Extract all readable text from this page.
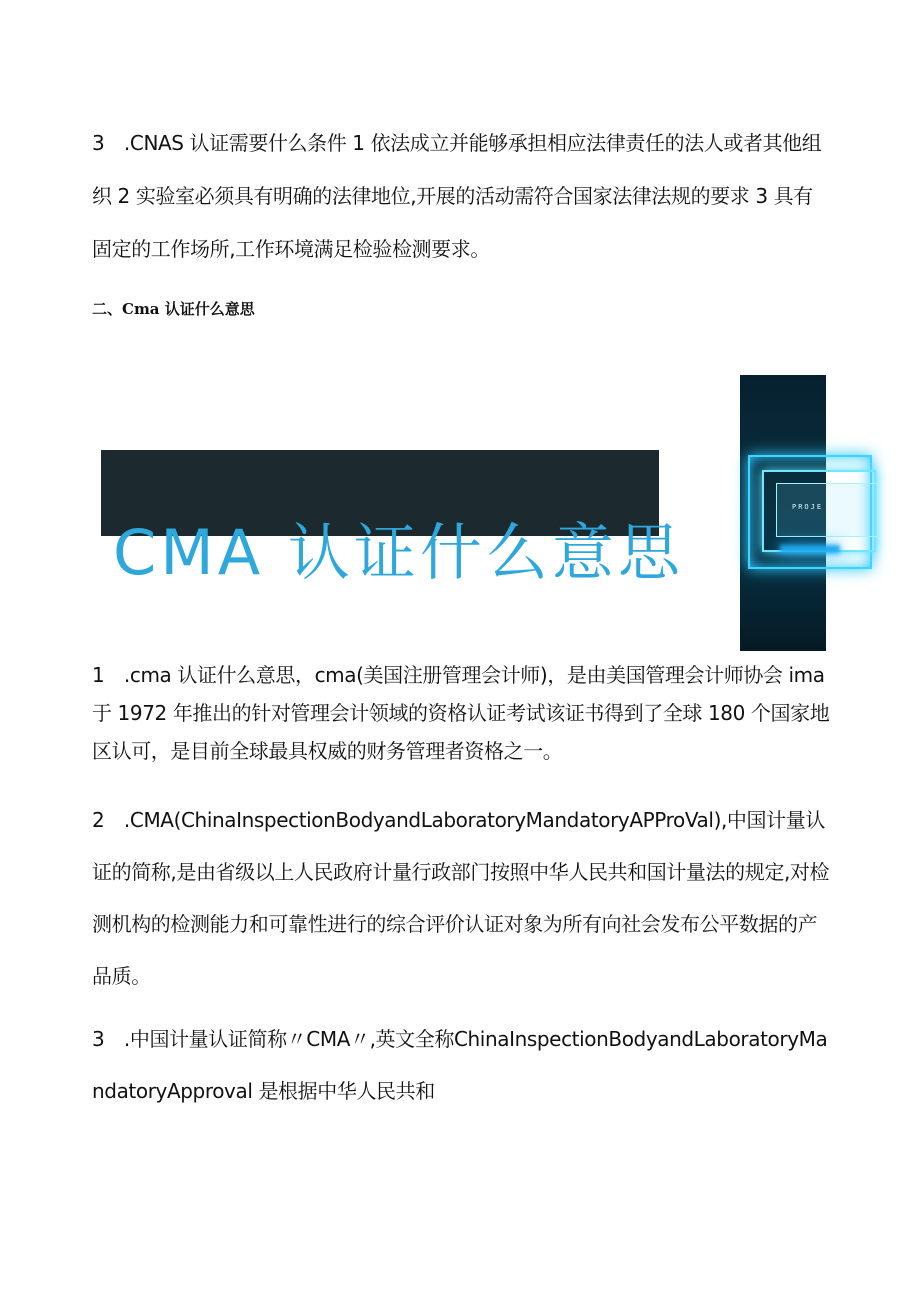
3　.CNAS 认证需要什么条件 1 依法成立并能够承担相应法律责任的法人或者其他组织 2 实验室必须具有明确的法律地位,开展的活动需符合国家法律法规的要求 3 具有固定的工作场所,工作环境满足检验检测要求。

二、Cma 认证什么意思
CMA 认证什么意思
PROJE

1　.cma 认证什么意思，cma(美国注册管理会计师)，是由美国管理会计师协会 ima于 1972 年推出的针对管理会计领域的资格认证考试该证书得到了全球 180 个国家地区认可，是目前全球最具权威的财务管理者资格之一。

2　.CMA(ChinaInspectionBodyandLaboratoryMandatoryAPProVal),中国计量认证的简称,是由省级以上人民政府计量行政部门按照中华人民共和国计量法的规定,对检测机构的检测能力和可靠性进行的综合评价认证对象为所有向社会发布公平数据的产品质。

3　.中国计量认证简称〃CMA〃,英文全称ChinaInspectionBodyandLaboratoryMandatoryApproval 是根据中华人民共和
